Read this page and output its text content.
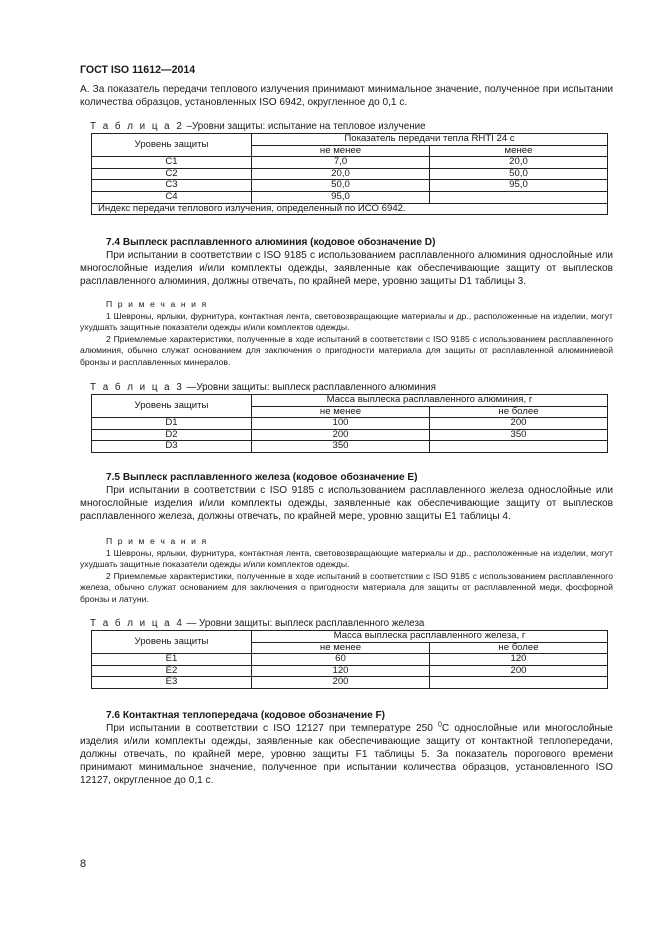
ГОСТ ISO 11612—2014

А. За показатель передачи теплового излучения принимают минимальное значение, полученное при испытании количества образцов, установленных ISO 6942, округленное до 0,1 с.

Т а б л и ц а 2 –Уровни защиты: испытание на тепловое излучение
Уровень защиты	Показатель передачи тепла RHTI 24 с	
	не менее	менее
C1	7,0	20,0
C2	20,0	50,0
C3	50,0	95,0
C4	95,0	
Индекс передачи теплового излучения, определенный по ИСО 6942.		

7.4 Выплеск расплавленного алюминия (кодовое обозначение D)

При испытании в соответствии с ISO 9185 с использованием расплавленного алюминия однослойные или многослойные изделия и/или комплекты одежды, заявленные как обеспечивающие защиту от выплесков расплавленного алюминия, должны отвечать, по крайней мере, уровню защиты D1 таблицы 3.

П р и м е ч а н и я

1 Шевроны, ярлыки, фурнитура, контактная лента, световозвращающие материалы и др., расположенные на изделии, могут ухудшать защитные показатели одежды и/или комплектов одежды.

2 Приемлемые характеристики, полученные в ходе испытаний в соответствии с ISO 9185 с использованием расплавленного алюминия, обычно служат основанием для заключения о пригодности материала для защиты от расплавленной алюминиевой бронзы и расплавленных минералов.

Т а б л и ц а 3 —Уровни защиты: выплеск расплавленного алюминия
Уровень защиты	Масса выплеска расплавленного алюминия, г	
	не менее	не более
D1	100	200
D2	200	350
D3	350	

7.5 Выплеск расплавленного железа (кодовое обозначение E)

При испытании в соответствии с ISO 9185 с использованием расплавленного железа однослойные или многослойные изделия и/или комплекты одежды, заявленные как обеспечивающие защиту от выплесков расплавленного железа, должны отвечать, по крайней мере, уровню защиты E1 таблицы 4.

П р и м е ч а н и я

1 Шевроны, ярлыки, фурнитура, контактная лента, световозвращающие материалы и др., расположенные на изделии, могут ухудшать защитные показатели одежды и/или комплектов одежды.

2 Приемлемые характеристики, полученные в ходе испытаний в соответствии с ISO 9185 с использованием расплавленного железа, обычно служат основанием для заключения о пригодности материала для защиты от расплавленной меди, фосфорной бронзы и латуни.

Т а б л и ц а 4 — Уровни защиты: выплеск расплавленного железа
Уровень защиты	Масса выплеска расплавленного железа, г	
	не менее	не более
E1	60	120
E2	120	200
E3	200	

7.6 Контактная теплопередача (кодовое обозначение F)

При испытании в соответствии с ISO 12127 при температуре 250 $^0$С однослойные или многослойные изделия и/или комплекты одежды, заявленные как обеспечивающие защиту от контактной теплопередачи, должны отвечать, по крайней мере, уровню защиты F1 таблицы 5. За показатель порогового времени принимают минимальное значение, полученное при испытании количества образцов, установленного ISO 12127, округленное до 0,1 с.

8
